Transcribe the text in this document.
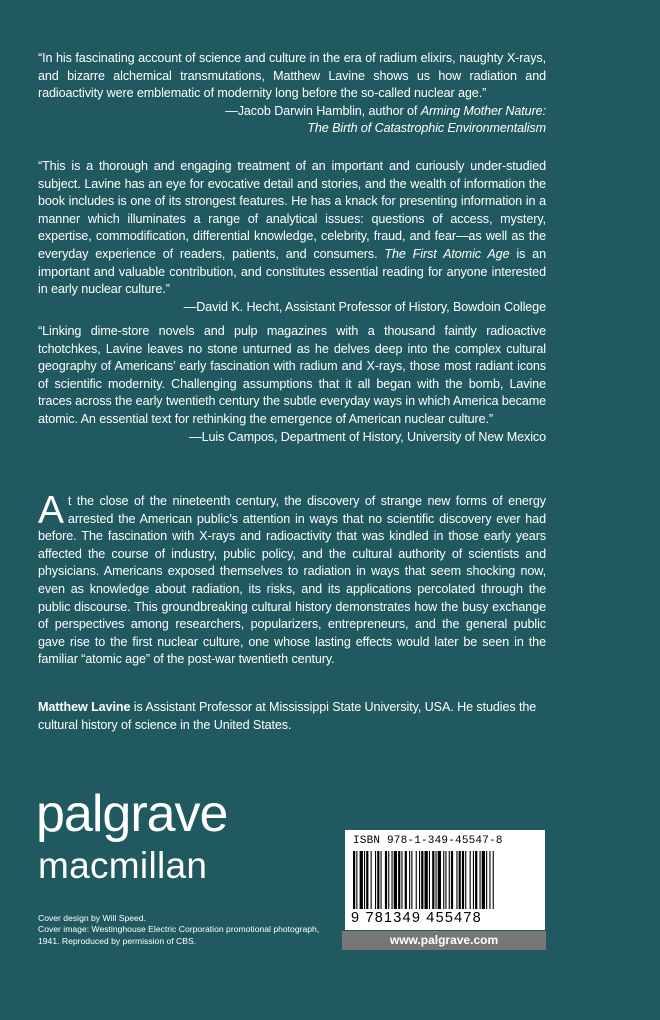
“In his fascinating account of science and culture in the era of radium elixirs, naughty X-rays, and bizarre alchemical transmutations, Matthew Lavine shows us how radiation and radioactivity were emblematic of modernity long before the so-called nuclear age.”
—Jacob Darwin Hamblin, author of Arming Mother Nature:
The Birth of Catastrophic Environmentalism
“This is a thorough and engaging treatment of an important and curiously under-studied subject. Lavine has an eye for evocative detail and stories, and the wealth of information the book includes is one of its strongest features. He has a knack for presenting information in a manner which illuminates a range of analytical issues: questions of access, mystery, expertise, commodification, differential knowledge, celebrity, fraud, and fear—as well as the everyday experience of readers, patients, and consumers. The First Atomic Age is an important and valuable contribution, and constitutes essential reading for anyone interested in early nuclear culture.”
—David K. Hecht, Assistant Professor of History, Bowdoin College
“Linking dime-store novels and pulp magazines with a thousand faintly radioactive tchotchkes, Lavine leaves no stone unturned as he delves deep into the complex cultural geography of Americans’ early fascination with radium and X-rays, those most radiant icons of scientific modernity. Challenging assumptions that it all began with the bomb, Lavine traces across the early twentieth century the subtle everyday ways in which America became atomic. An essential text for rethinking the emergence of American nuclear culture.”
—Luis Campos, Department of History, University of New Mexico
At the close of the nineteenth century, the discovery of strange new forms of energy arrested the American public’s attention in ways that no scientific discovery ever had before. The fascination with X-rays and radioactivity that was kindled in those early years affected the course of industry, public policy, and the cultural authority of scientists and physicians. Americans exposed themselves to radiation in ways that seem shocking now, even as knowledge about radiation, its risks, and its applications percolated through the public discourse. This groundbreaking cultural history demonstrates how the busy exchange of perspectives among researchers, popularizers, entrepreneurs, and the general public gave rise to the first nuclear culture, one whose lasting effects would later be seen in the familiar “atomic age” of the post-war twentieth century.
Matthew Lavine is Assistant Professor at Mississippi State University, USA. He studies the cultural history of science in the United States.
palgrave
macmillan
Cover design by Will Speed.
Cover image: Westinghouse Electric Corporation promotional photograph, 1941. Reproduced by permission of CBS.
ISBN 978-1-349-45547-8
9 781349 455478
www.palgrave.com
